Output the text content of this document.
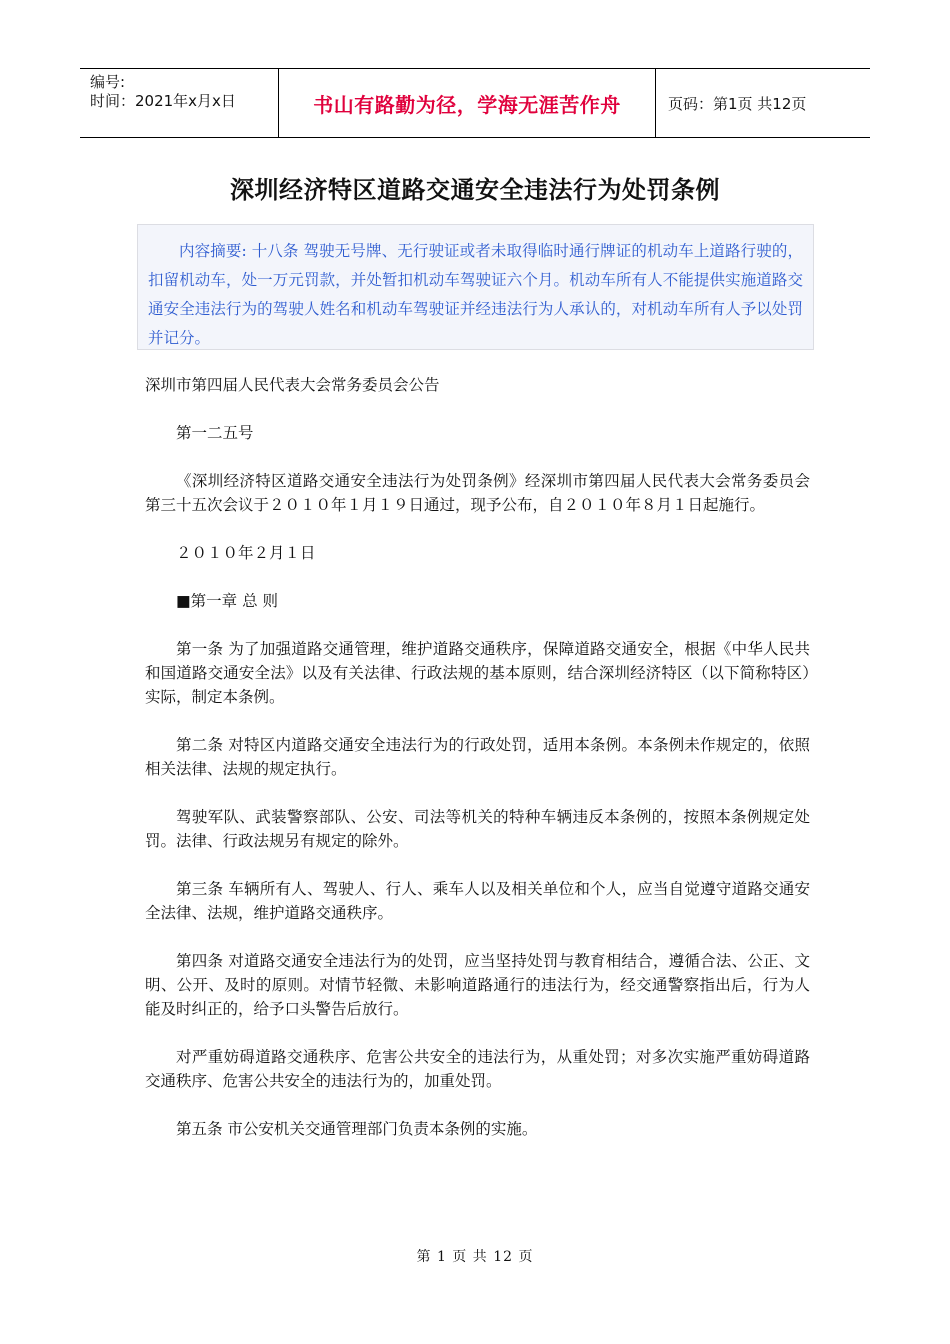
编号:
时间：2021年x月x日	书山有路勤为径，学海无涯苦作舟	页码：第1页 共12页
深圳经济特区道路交通安全违法行为处罚条例
内容摘要: 十八条 驾驶无号牌、无行驶证或者未取得临时通行牌证的机动车上道路行驶的，扣留机动车，处一万元罚款，并处暂扣机动车驾驶证六个月。机动车所有人不能提供实施道路交通安全违法行为的驾驶人姓名和机动车驾驶证并经违法行为人承认的，对机动车所有人予以处罚并记分。

深圳市第四届人民代表大会常务委员会公告

第一二五号

《深圳经济特区道路交通安全违法行为处罚条例》经深圳市第四届人民代表大会常务委员会第三十五次会议于２０１０年１月１９日通过，现予公布，自２０１０年８月１日起施行。

２０１０年２月１日

■第一章 总 则

第一条 为了加强道路交通管理，维护道路交通秩序，保障道路交通安全，根据《中华人民共和国道路交通安全法》以及有关法律、行政法规的基本原则，结合深圳经济特区（以下简称特区）实际，制定本条例。

第二条 对特区内道路交通安全违法行为的行政处罚，适用本条例。本条例未作规定的，依照相关法律、法规的规定执行。

驾驶军队、武装警察部队、公安、司法等机关的特种车辆违反本条例的，按照本条例规定处罚。法律、行政法规另有规定的除外。

第三条 车辆所有人、驾驶人、行人、乘车人以及相关单位和个人，应当自觉遵守道路交通安全法律、法规，维护道路交通秩序。

第四条 对道路交通安全违法行为的处罚，应当坚持处罚与教育相结合，遵循合法、公正、文明、公开、及时的原则。对情节轻微、未影响道路通行的违法行为，经交通警察指出后，行为人能及时纠正的，给予口头警告后放行。

对严重妨碍道路交通秩序、危害公共安全的违法行为，从重处罚；对多次实施严重妨碍道路交通秩序、危害公共安全的违法行为的，加重处罚。

第五条 市公安机关交通管理部门负责本条例的实施。

第 1 页 共 12 页
